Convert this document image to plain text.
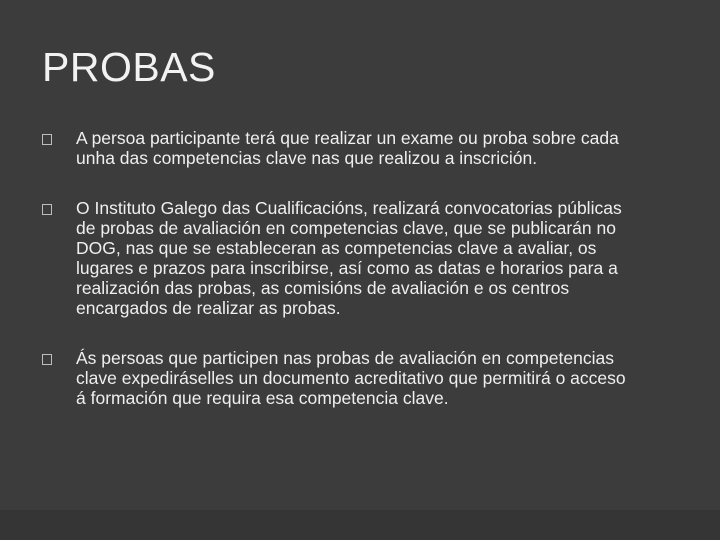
PROBAS
A persoa participante terá que realizar un exame ou proba sobre cada unha das competencias clave nas que realizou a inscrición.
O Instituto Galego das Cualificacións, realizará convocatorias públicas de probas de avaliación en competencias clave, que se publicarán no DOG, nas que se estableceran as competencias clave a avaliar, os lugares e prazos para inscribirse, así como as datas e horarios para a realización das probas, as comisións de avaliación e os centros encargados de realizar as probas.
Ás persoas que participen nas probas de avaliación en competencias clave expediráselles un documento acreditativo que permitirá o acceso á formación que requira esa competencia clave.
